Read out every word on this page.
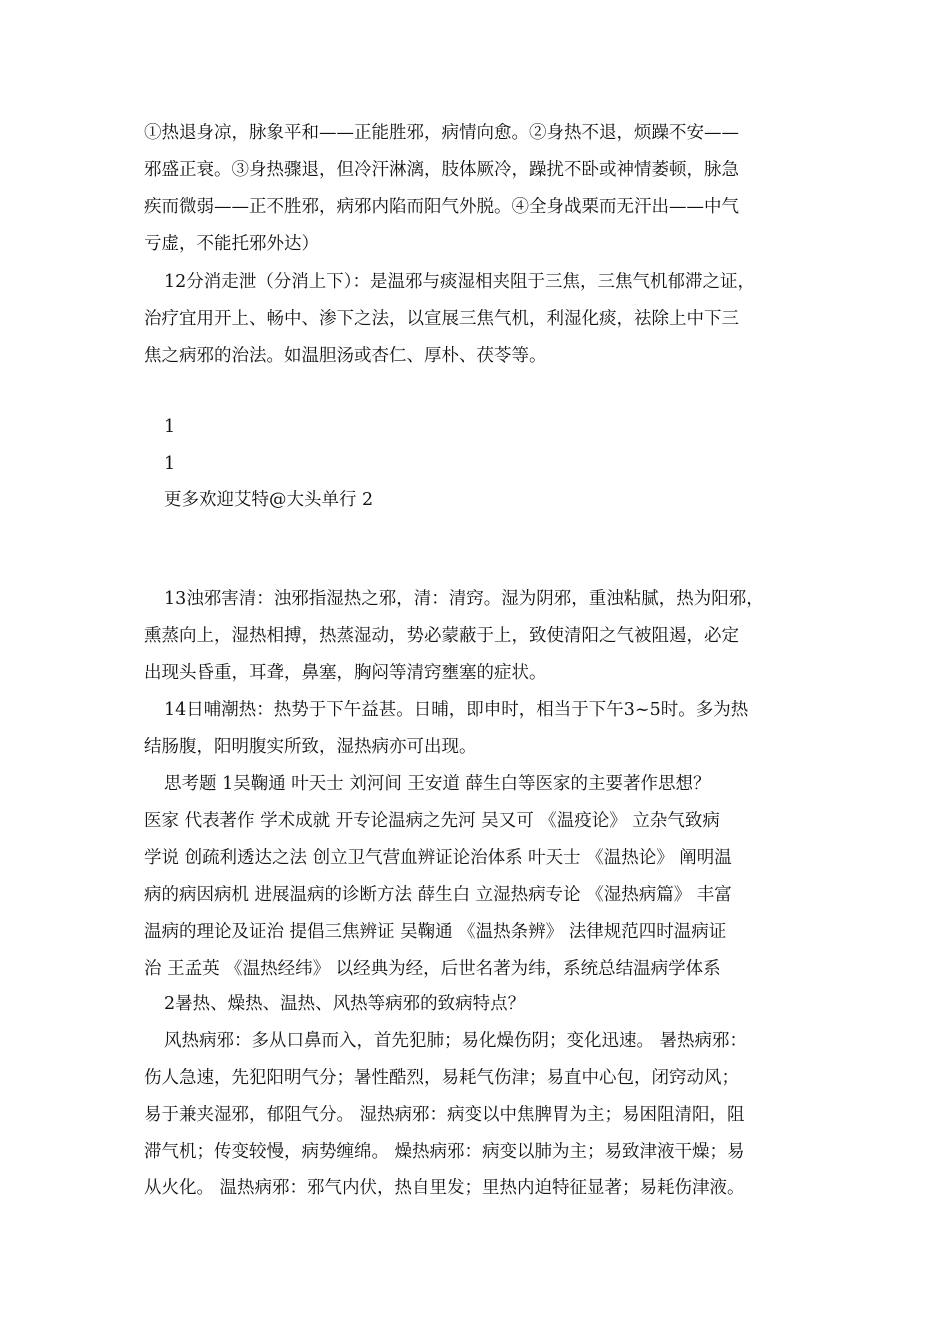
①热退身凉，脉象平和——正能胜邪，病情向愈。②身热不退，烦躁不安——
邪盛正衰。③身热骤退，但冷汗淋漓，肢体厥冷，躁扰不卧或神情萎顿，脉急
疾而微弱——正不胜邪，病邪内陷而阳气外脱。④全身战栗而无汗出——中气
亏虚，不能托邪外达）
12分消走泄（分消上下）：是温邪与痰湿相夹阻于三焦，三焦气机郁滞之证，
治疗宜用开上、畅中、渗下之法，以宣展三焦气机，利湿化痰，祛除上中下三
焦之病邪的治法。如温胆汤或杏仁、厚朴、茯苓等。
1
1
更多欢迎艾特@大头单行 2
13浊邪害清：浊邪指湿热之邪，清：清窍。湿为阴邪，重浊粘腻，热为阳邪，
熏蒸向上，湿热相搏，热蒸湿动，势必蒙蔽于上，致使清阳之气被阻遏，必定
出现头昏重，耳聋，鼻塞，胸闷等清窍壅塞的症状。
14日哺潮热：热势于下午益甚。日晡，即申时，相当于下午3~5时。多为热
结肠腹，阳明腹实所致，湿热病亦可出现。
思考题 1吴鞠通 叶天士 刘河间 王安道 薛生白等医家的主要著作思想？
医家 代表著作 学术成就 开专论温病之先河 吴又可 《温疫论》 立杂气致病
学说 创疏利透达之法 创立卫气营血辨证论治体系 叶天士 《温热论》 阐明温
病的病因病机 进展温病的诊断方法 薛生白 立湿热病专论 《湿热病篇》 丰富
温病的理论及证治 提倡三焦辨证 吴鞠通 《温热条辨》 法律规范四时温病证
治 王孟英 《温热经纬》 以经典为经，后世名著为纬，系统总结温病学体系
2暑热、燥热、温热、风热等病邪的致病特点？
风热病邪：多从口鼻而入，首先犯肺；易化燥伤阴；变化迅速。 暑热病邪：
伤人急速，先犯阳明气分；暑性酷烈，易耗气伤津；易直中心包，闭窍动风；
易于兼夹湿邪，郁阻气分。 湿热病邪：病变以中焦脾胃为主；易困阻清阳，阻
滞气机；传变较慢，病势缠绵。 燥热病邪：病变以肺为主；易致津液干燥；易
从火化。 温热病邪：邪气内伏，热自里发；里热内迫特征显著；易耗伤津液。
